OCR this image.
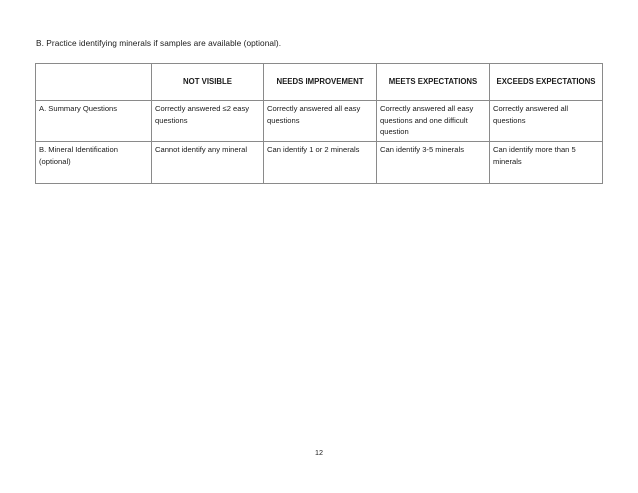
B. Practice identifying minerals if samples are available (optional).
	NOT VISIBLE	NEEDS IMPROVEMENT	MEETS EXPECTATIONS	EXCEEDS EXPECTATIONS
A. Summary Questions	Correctly answered ≤2 easy questions	Correctly answered all easy questions	Correctly answered all easy questions and one difficult question	Correctly answered all questions
B. Mineral Identification (optional)	Cannot identify any mineral	Can identify 1 or 2 minerals	Can identify 3-5 minerals	Can identify more than 5 minerals
12
